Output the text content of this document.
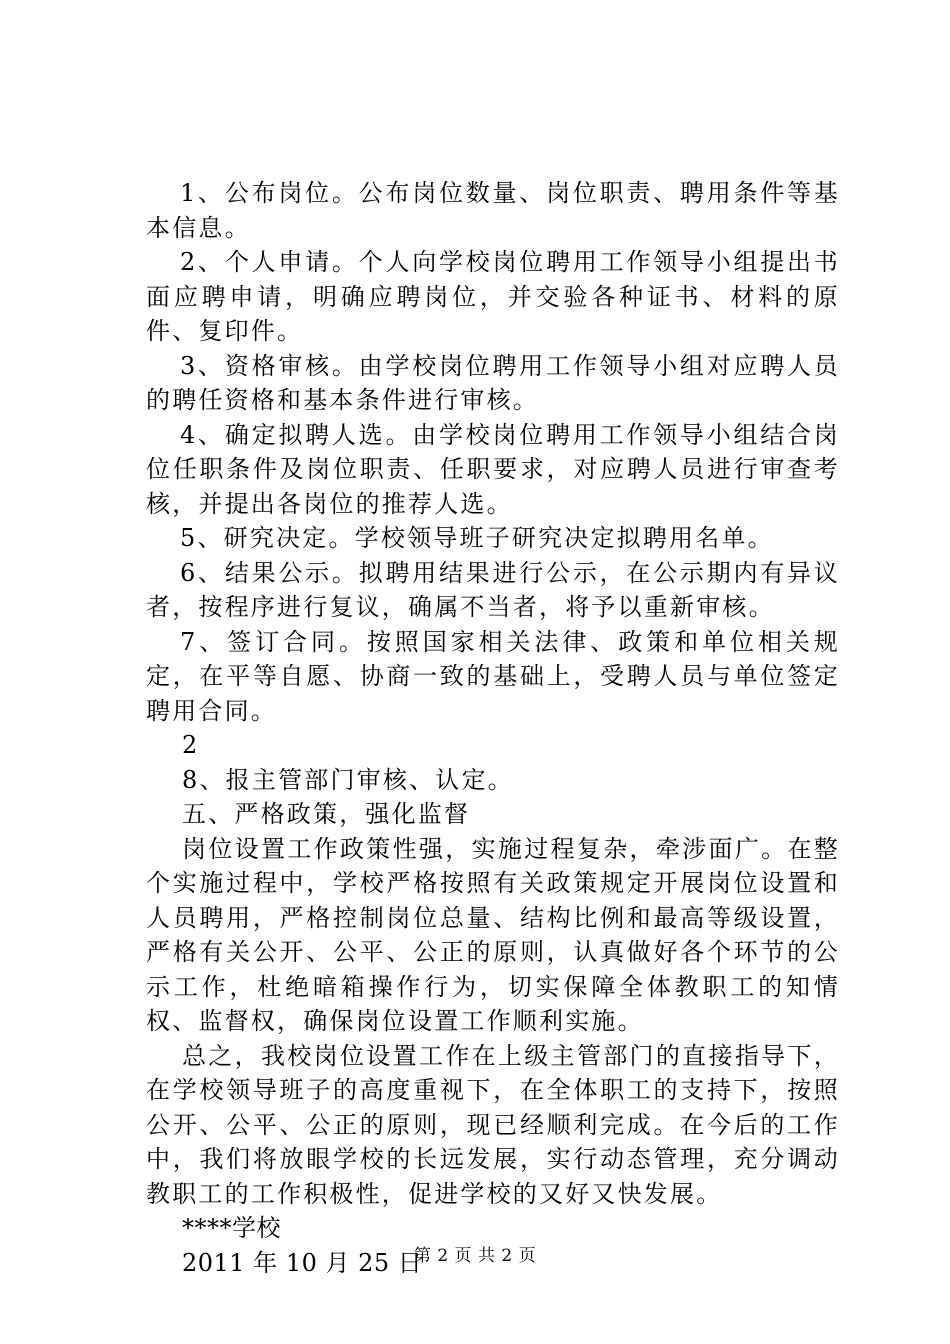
1、公布岗位。公布岗位数量、岗位职责、聘用条件等基本信息。

2、个人申请。个人向学校岗位聘用工作领导小组提出书面应聘申请，明确应聘岗位，并交验各种证书、材料的原件、复印件。

3、资格审核。由学校岗位聘用工作领导小组对应聘人员的聘任资格和基本条件进行审核。

4、确定拟聘人选。由学校岗位聘用工作领导小组结合岗位任职条件及岗位职责、任职要求，对应聘人员进行审查考核，并提出各岗位的推荐人选。

5、研究决定。学校领导班子研究决定拟聘用名单。

6、结果公示。拟聘用结果进行公示，在公示期内有异议者，按程序进行复议，确属不当者，将予以重新审核。

7、签订合同。按照国家相关法律、政策和单位相关规定，在平等自愿、协商一致的基础上，受聘人员与单位签定聘用合同。

2

8、报主管部门审核、认定。

五、严格政策，强化监督

岗位设置工作政策性强，实施过程复杂，牵涉面广。在整个实施过程中，学校严格按照有关政策规定开展岗位设置和人员聘用，严格控制岗位总量、结构比例和最高等级设置，严格有关公开、公平、公正的原则，认真做好各个环节的公示工作，杜绝暗箱操作行为，切实保障全体教职工的知情权、监督权，确保岗位设置工作顺利实施。

总之，我校岗位设置工作在上级主管部门的直接指导下，在学校领导班子的高度重视下，在全体职工的支持下，按照公开、公平、公正的原则，现已经顺利完成。在今后的工作中，我们将放眼学校的长远发展，实行动态管理，充分调动教职工的工作积极性，促进学校的又好又快发展。

****学校

2011 年 10 月 25 日

第 2 页 共 2 页
